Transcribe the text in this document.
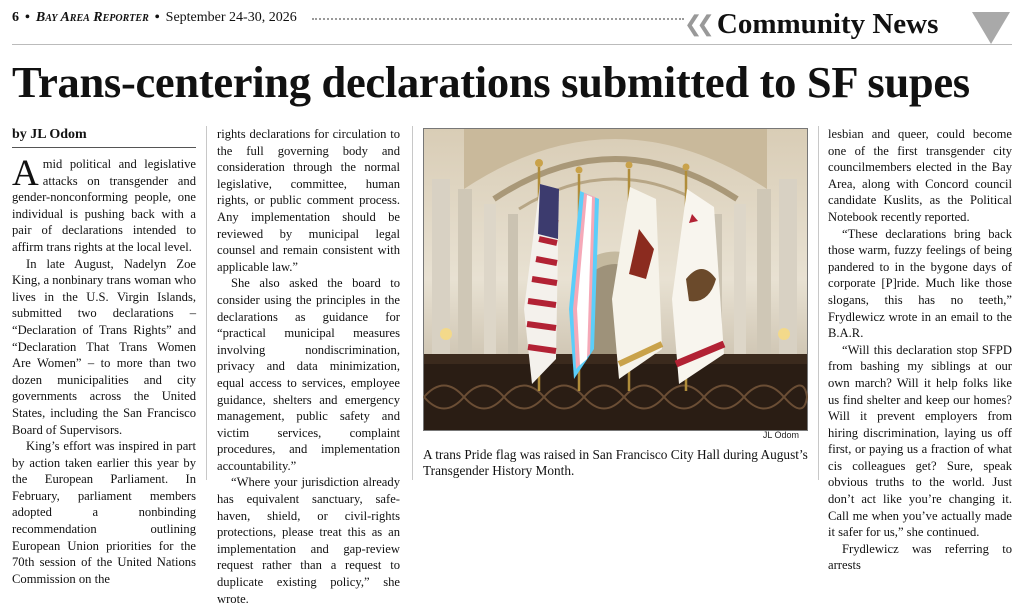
6 • Bay Area Reporter • September 24-30, 2026	❮❮ Community News
Trans-centering declarations submitted to SF supes
by JL Odom

Amid political and legislative attacks on transgender and gender-nonconforming people, one individual is pushing back with a pair of declarations intended to affirm trans rights at the local level.

In late August, Nadelyn Zoe King, a nonbinary trans woman who lives in the U.S. Virgin Islands, submitted two declarations – “Declaration of Trans Rights” and “Declaration That Trans Women Are Women” – to more than two dozen municipalities and city governments across the United States, including the San Francisco Board of Supervisors.

King’s effort was inspired in part by action taken earlier this year by the European Parliament. In February, parliament members adopted a nonbinding recommendation outlining European Union priorities for the 70th session of the United Nations Commission on the

rights declarations for circulation to the full governing body and consideration through the normal legislative, committee, human rights, or public comment process. Any implementation should be reviewed by municipal legal counsel and remain consistent with applicable law.”

She also asked the board to consider using the principles in the declarations as guidance for “practical municipal measures involving nondiscrimination, privacy and data minimization, equal access to services, employee guidance, shelters and emergency management, public safety and victim services, complaint procedures, and implementation accountability.”

“Where your jurisdiction already has equivalent sanctuary, safe-haven, shield, or civil-rights protections, please treat this as an implementation and gap-review request rather than a request to duplicate existing policy,” she wrote.

JL Odom
A trans Pride flag was raised in San Francisco City Hall during August’s Transgender History Month.

lesbian and queer, could become one of the first transgender city councilmembers elected in the Bay Area, along with Concord council candidate Kuslits, as the Political Notebook recently reported.

“These declarations bring back those warm, fuzzy feelings of being pandered to in the bygone days of corporate [P]ride. Much like those slogans, this has no teeth,” Frydlewicz wrote in an email to the B.A.R.

“Will this declaration stop SFPD from bashing my siblings at our own march? Will it help folks like us find shelter and keep our homes? Will it prevent employers from hiring discrimination, laying us off first, or paying us a fraction of what cis colleagues get? Sure, speak obvious truths to the world. Just don’t act like you’re changing it. Call me when you’ve actually made it safer for us,” she continued.

Frydlewicz was referring to arrests
